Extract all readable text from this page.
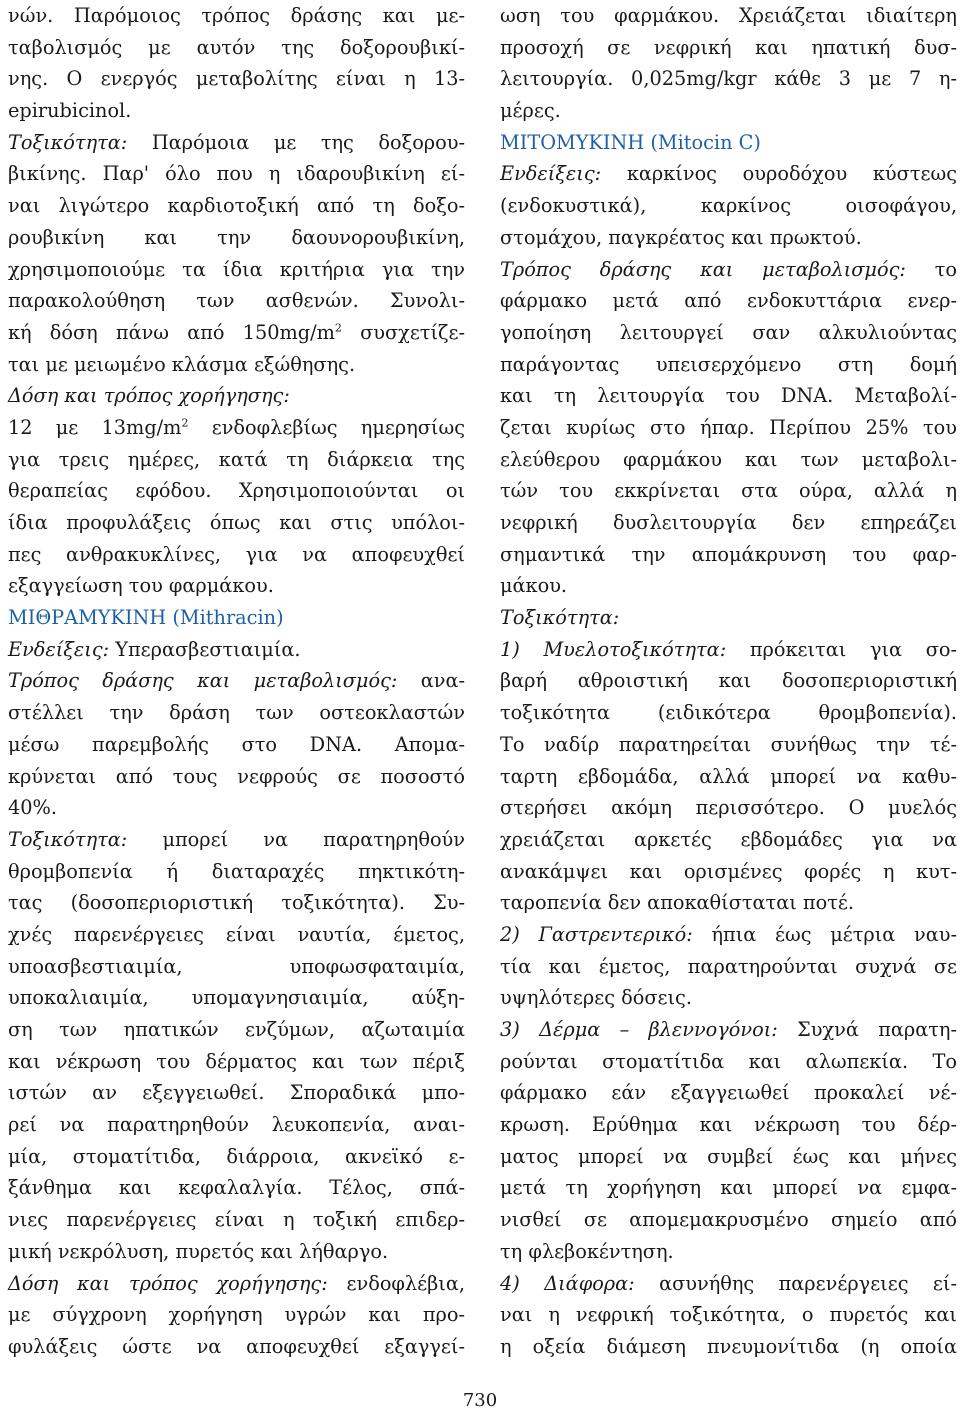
νών. Παρόμοιος τρόπος δράσης και με-
ταβολισμός με αυτόν της δοξορουβικί-
νης. Ο ενεργός μεταβολίτης είναι η 13-
epirubicinol.
Τοξικότητα: Παρόμοια με της δοξορου-
βικίνης. Παρ' όλο που η ιδαρουβικίνη εί-
ναι λιγώτερο καρδιοτοξική από τη δοξο-
ρουβικίνη και την δαουνορουβικίνη,
χρησιμοποιούμε τα ίδια κριτήρια για την
παρακολούθηση των ασθενών. Συνολι-
κή δόση πάνω από $150mg/m^2$ συσχετίζε-
ται με μειωμένο κλάσμα εξώθησης.
Δόση και τρόπος χορήγησης:
12 με $13mg/m^2$ ενδοφλεβίως ημερησίως
για τρεις ημέρες, κατά τη διάρκεια της
θεραπείας εφόδου. Χρησιμοποιούνται οι
ίδια προφυλάξεις όπως και στις υπόλοι-
πες ανθρακυκλίνες, για να αποφευχθεί
εξαγγείωση του φαρμάκου.
ΜΙΘΡΑΜΥΚΙΝΗ (Mithracin)
Ενδείξεις: Υπερασβεστιαιμία.
Τρόπος δράσης και μεταβολισμός: ανα-
στέλλει την δράση των οστεοκλαστών
μέσω παρεμβολής στο DNA. Απομα-
κρύνεται από τους νεφρούς σε ποσοστό
40%.
Τοξικότητα: μπορεί να παρατηρηθούν
θρομβοπενία ή διαταραχές πηκτικότη-
τας (δοσοπεριοριστική τοξικότητα). Συ-
χνές παρενέργειες είναι ναυτία, έμετος,
υποασβεστιαιμία, υποφωσφαταιμία,
υποκαλιαιμία, υπομαγνησιαιμία, αύξη-
ση των ηπατικών ενζύμων, αζωταιμία
και νέκρωση του δέρματος και των πέριξ
ιστών αν εξεγγειωθεί. Σποραδικά μπο-
ρεί να παρατηρηθούν λευκοπενία, αναι-
μία, στοματίτιδα, διάρροια, ακνεϊκό ε-
ξάνθημα και κεφαλαλγία. Τέλος, σπά-
νιες παρενέργειες είναι η τοξική επιδερ-
μική νεκρόλυση, πυρετός και λήθαργο.
Δόση και τρόπος χορήγησης: ενδοφλέβια,
με σύγχρονη χορήγηση υγρών και προ-
φυλάξεις ώστε να αποφευχθεί εξαγγεί-
ωση του φαρμάκου. Χρειάζεται ιδιαίτερη
προσοχή σε νεφρική και ηπατική δυσ-
λειτουργία. 0,025mg/kgr κάθε 3 με 7 η-
μέρες.
ΜΙΤΟΜΥΚΙΝΗ (Mitocin C)
Ενδείξεις: καρκίνος ουροδόχου κύστεως
(ενδοκυστικά), καρκίνος οισοφάγου,
στομάχου, παγκρέατος και πρωκτού.
Τρόπος δράσης και μεταβολισμός: το
φάρμακο μετά από ενδοκυττάρια ενερ-
γοποίηση λειτουργεί σαν αλκυλιούντας
παράγοντας υπεισερχόμενο στη δομή
και τη λειτουργία του DNA. Μεταβολί-
ζεται κυρίως στο ήπαρ. Περίπου 25% του
ελεύθερου φαρμάκου και των μεταβολι-
τών του εκκρίνεται στα ούρα, αλλά η
νεφρική δυσλειτουργία δεν επηρεάζει
σημαντικά την απομάκρυνση του φαρ-
μάκου.
Τοξικότητα:
1) Μυελοτοξικότητα: πρόκειται για σο-
βαρή αθροιστική και δοσοπεριοριστική
τοξικότητα (ειδικότερα θρομβοπενία).
Το ναδίρ παρατηρείται συνήθως την τέ-
ταρτη εβδομάδα, αλλά μπορεί να καθυ-
στερήσει ακόμη περισσότερο. Ο μυελός
χρειάζεται αρκετές εβδομάδες για να
ανακάμψει και ορισμένες φορές η κυτ-
ταροπενία δεν αποκαθίσταται ποτέ.
2) Γαστρεντερικό: ήπια έως μέτρια ναυ-
τία και έμετος, παρατηρούνται συχνά σε
υψηλότερες δόσεις.
3) Δέρμα – βλεννογόνοι: Συχνά παρατη-
ρούνται στοματίτιδα και αλωπεκία. Το
φάρμακο εάν εξαγγειωθεί προκαλεί νέ-
κρωση. Ερύθημα και νέκρωση του δέρ-
ματος μπορεί να συμβεί έως και μήνες
μετά τη χορήγηση και μπορεί να εμφα-
νισθεί σε απομεμακρυσμένο σημείο από
τη φλεβοκέντηση.
4) Διάφορα: ασυνήθης παρενέργειες εί-
ναι η νεφρική τοξικότητα, ο πυρετός και
η οξεία διάμεση πνευμονίτιδα (η οποία
730
